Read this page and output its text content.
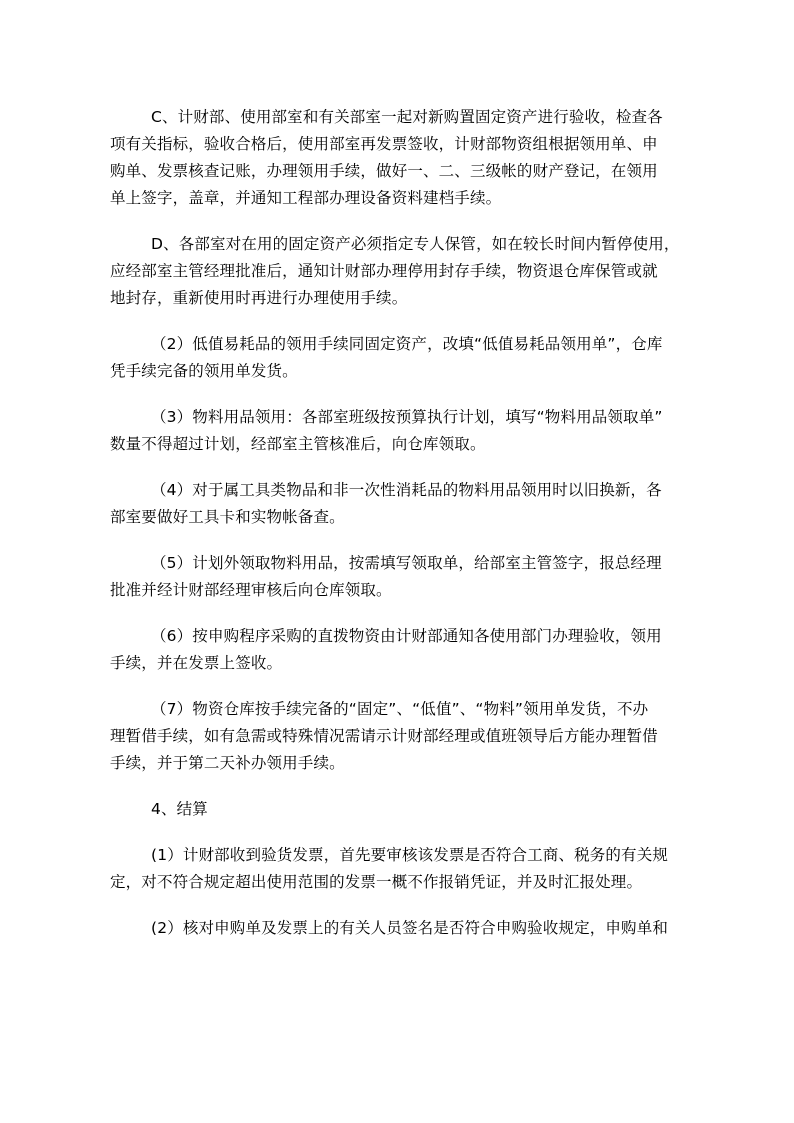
C、计财部、使用部室和有关部室一起对新购置固定资产进行验收，检查各
项有关指标，验收合格后，使用部室再发票签收，计财部物资组根据领用单、申
购单、发票核查记账，办理领用手续，做好一、二、三级帐的财产登记，在领用
单上签字，盖章，并通知工程部办理设备资料建档手续。

D、各部室对在用的固定资产必须指定专人保管，如在较长时间内暂停使用，
应经部室主管经理批准后，通知计财部办理停用封存手续，物资退仓库保管或就
地封存，重新使用时再进行办理使用手续。

（2）低值易耗品的领用手续同固定资产，改填“低值易耗品领用单”，仓库
凭手续完备的领用单发货。

（3）物料用品领用：各部室班级按预算执行计划，填写“物料用品领取单”
数量不得超过计划，经部室主管核准后，向仓库领取。

（4）对于属工具类物品和非一次性消耗品的物料用品领用时以旧换新，各
部室要做好工具卡和实物帐备查。

（5）计划外领取物料用品，按需填写领取单，给部室主管签字，报总经理
批准并经计财部经理审核后向仓库领取。

（6）按申购程序采购的直拨物资由计财部通知各使用部门办理验收，领用
手续，并在发票上签收。

（7）物资仓库按手续完备的“固定”、“低值”、“物料”领用单发货，不办
理暂借手续，如有急需或特殊情况需请示计财部经理或值班领导后方能办理暂借
手续，并于第二天补办领用手续。

4、结算

(1）计财部收到验货发票，首先要审核该发票是否符合工商、税务的有关规
定，对不符合规定超出使用范围的发票一概不作报销凭证，并及时汇报处理。

(2）核对申购单及发票上的有关人员签名是否符合申购验收规定，申购单和
